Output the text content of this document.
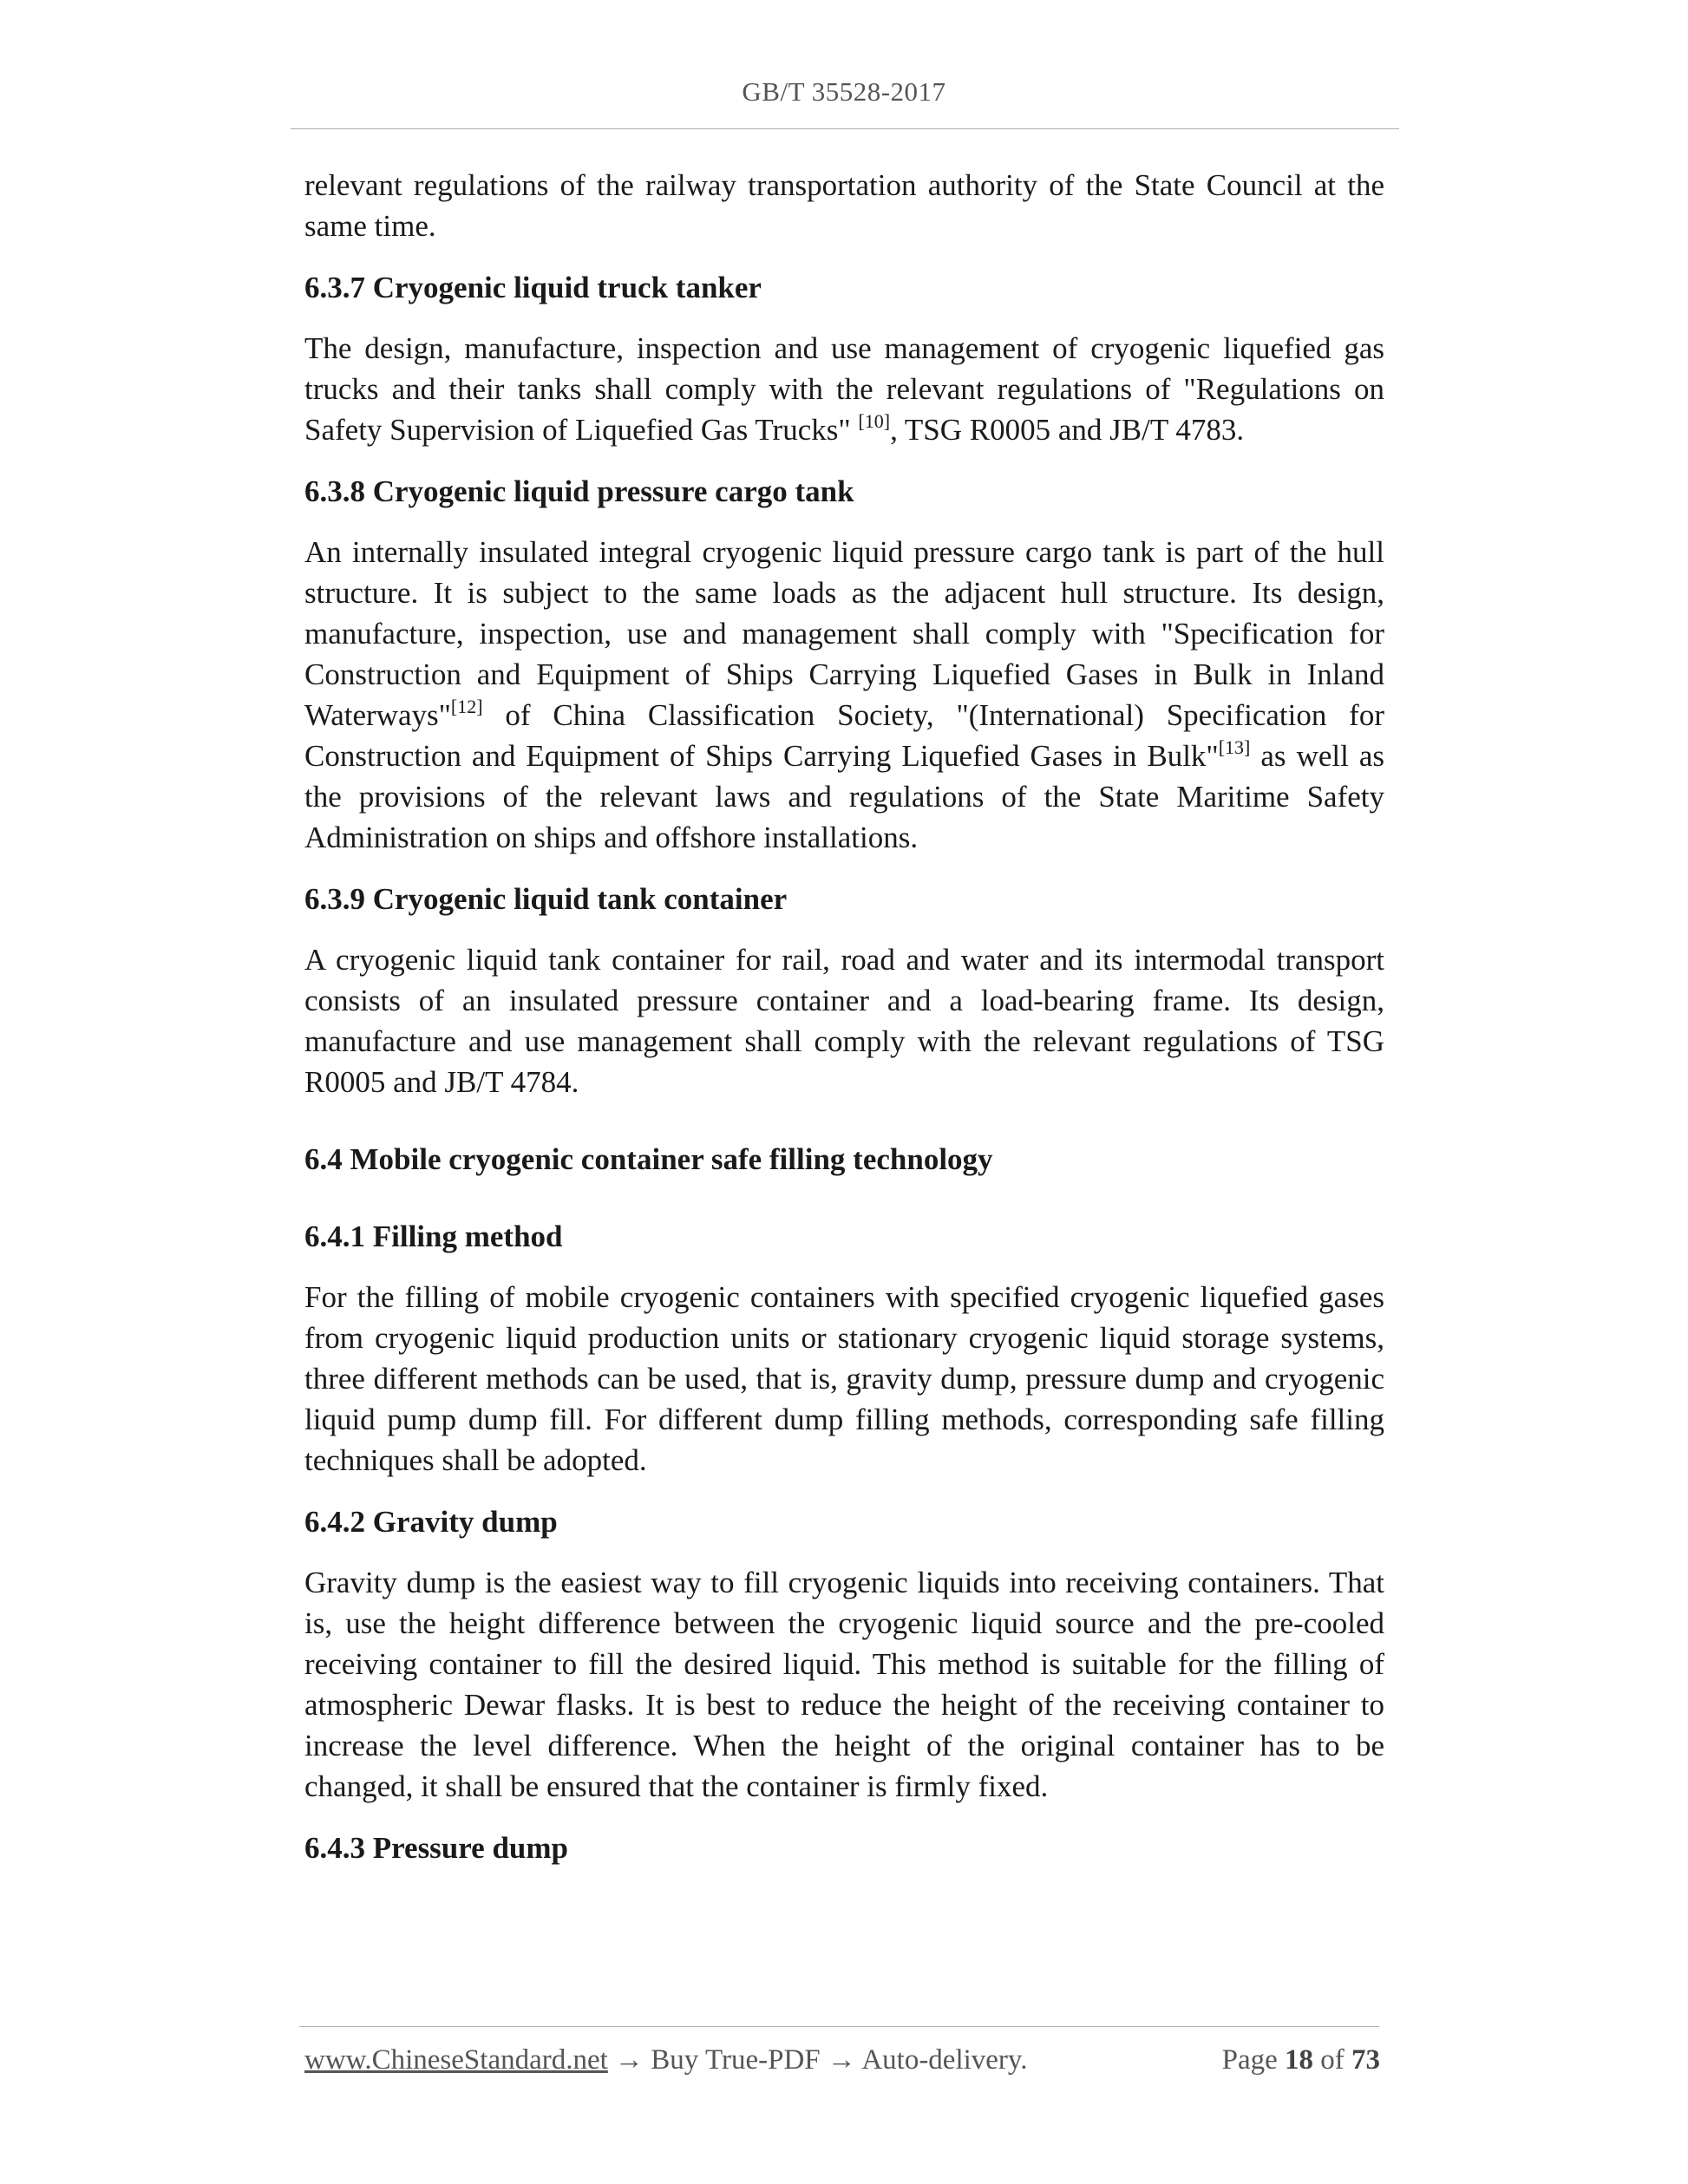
GB/T 35528-2017

relevant regulations of the railway transportation authority of the State Council at the same time.

6.3.7 Cryogenic liquid truck tanker

The design, manufacture, inspection and use management of cryogenic liquefied gas trucks and their tanks shall comply with the relevant regulations of "Regulations on Safety Supervision of Liquefied Gas Trucks" [10], TSG R0005 and JB/T 4783.

6.3.8 Cryogenic liquid pressure cargo tank

An internally insulated integral cryogenic liquid pressure cargo tank is part of the hull structure. It is subject to the same loads as the adjacent hull structure. Its design, manufacture, inspection, use and management shall comply with "Specification for Construction and Equipment of Ships Carrying Liquefied Gases in Bulk in Inland Waterways"[12] of China Classification Society, "(International) Specification for Construction and Equipment of Ships Carrying Liquefied Gases in Bulk"[13] as well as the provisions of the relevant laws and regulations of the State Maritime Safety Administration on ships and offshore installations.

6.3.9 Cryogenic liquid tank container

A cryogenic liquid tank container for rail, road and water and its intermodal transport consists of an insulated pressure container and a load-bearing frame. Its design, manufacture and use management shall comply with the relevant regulations of TSG R0005 and JB/T 4784.

6.4 Mobile cryogenic container safe filling technology

6.4.1 Filling method

For the filling of mobile cryogenic containers with specified cryogenic liquefied gases from cryogenic liquid production units or stationary cryogenic liquid storage systems, three different methods can be used, that is, gravity dump, pressure dump and cryogenic liquid pump dump fill. For different dump filling methods, corresponding safe filling techniques shall be adopted.

6.4.2 Gravity dump

Gravity dump is the easiest way to fill cryogenic liquids into receiving containers. That is, use the height difference between the cryogenic liquid source and the pre-cooled receiving container to fill the desired liquid. This method is suitable for the filling of atmospheric Dewar flasks. It is best to reduce the height of the receiving container to increase the level difference. When the height of the original container has to be changed, it shall be ensured that the container is firmly fixed.

6.4.3 Pressure dump

www.ChineseStandard.net → Buy True-PDF → Auto-delivery.	Page 18 of 73
